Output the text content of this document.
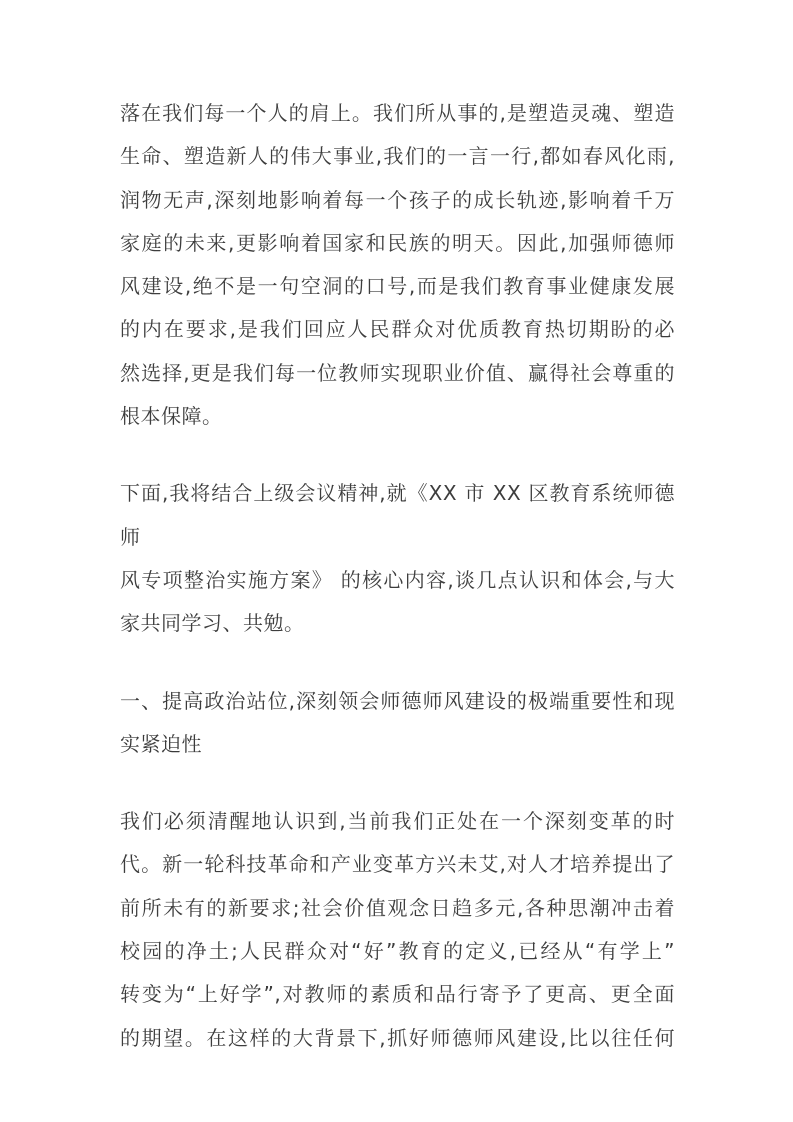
落在我们每一个人的肩上。我们所从事的,是塑造灵魂、塑造
生命、塑造新人的伟大事业,我们的一言一行,都如春风化雨,
润物无声,深刻地影响着每一个孩子的成长轨迹,影响着千万
家庭的未来,更影响着国家和民族的明天。因此,加强师德师
风建设,绝不是一句空洞的口号,而是我们教育事业健康发展
的内在要求,是我们回应人民群众对优质教育热切期盼的必
然选择,更是我们每一位教师实现职业价值、赢得社会尊重的
根本保障。
下面,我将结合上级会议精神,就《XX 市 XX 区教育系统师德师
风专项整治实施方案》 的核心内容,谈几点认识和体会,与大
家共同学习、共勉。
一、提高政治站位,深刻领会师德师风建设的极端重要性和现
实紧迫性
我们必须清醒地认识到,当前我们正处在一个深刻变革的时
代。新一轮科技革命和产业变革方兴未艾,对人才培养提出了
前所未有的新要求;社会价值观念日趋多元,各种思潮冲击着
校园的净土;人民群众对“好”教育的定义,已经从“有学上”
转变为“上好学”,对教师的素质和品行寄予了更高、更全面
的期望。在这样的大背景下,抓好师德师风建设,比以往任何
